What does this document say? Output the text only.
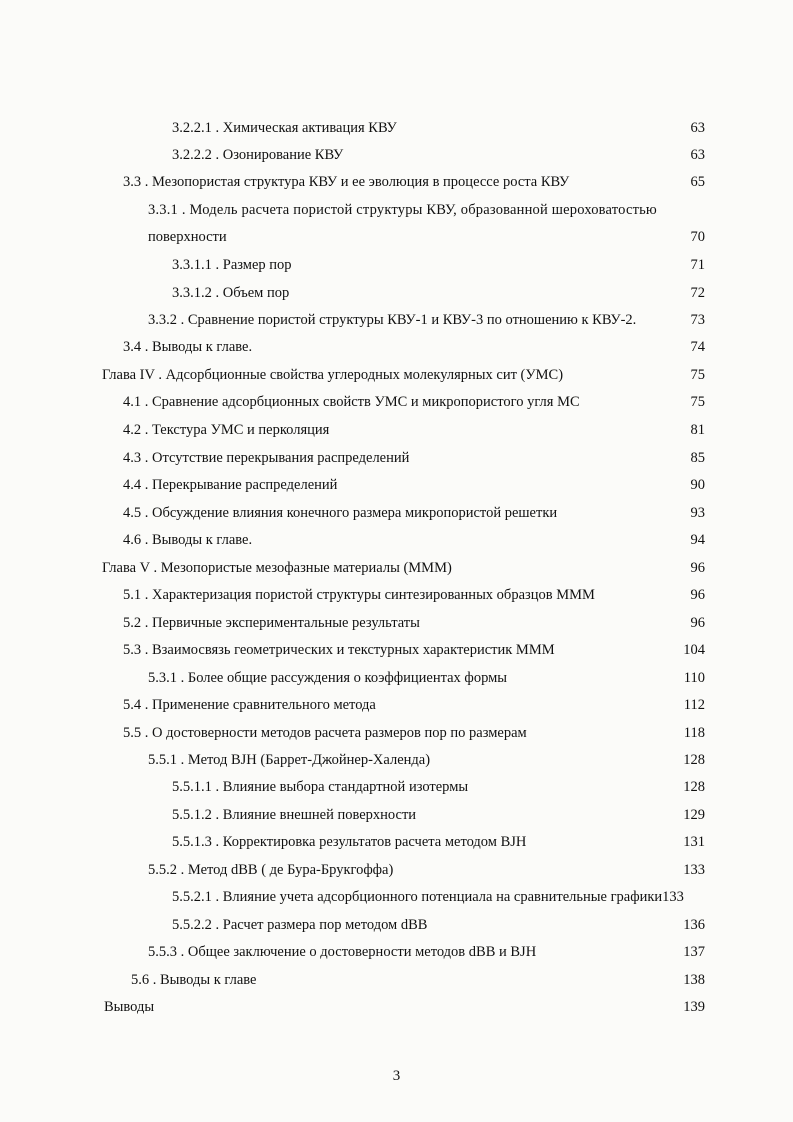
3.2.2.1 . Химическая активация КВУ	63
3.2.2.2 . Озонирование КВУ	63
3.3 . Мезопористая структура КВУ и ее эволюция в процессе роста КВУ	65
3.3.1 . Модель расчета пористой структуры КВУ, образованной шероховатостью
поверхности	70
3.3.1.1 . Размер пор	71
3.3.1.2 . Объем пор	72
3.3.2 . Сравнение пористой структуры КВУ-1 и КВУ-3 по отношению к КВУ-2.	73
3.4 . Выводы к главе.	74
Глава IV . Адсорбционные свойства углеродных молекулярных сит (УМС)	75
4.1 . Сравнение адсорбционных свойств УМС и микропористого угля МС	75
4.2 . Текстура УМС и перколяция	81
4.3 . Отсутствие перекрывания распределений	85
4.4 . Перекрывание распределений	90
4.5 . Обсуждение влияния конечного размера микропористой решетки	93
4.6 . Выводы к главе.	94
Глава V . Мезопористые мезофазные материалы (МММ)	96
5.1 . Характеризация пористой структуры синтезированных образцов МММ	96
5.2 . Первичные экспериментальные результаты	96
5.3 . Взаимосвязь геометрических и текстурных характеристик МММ	104
5.3.1 . Более общие рассуждения о коэффициентах формы	110
5.4 . Применение сравнительного метода	112
5.5 . О достоверности методов расчета размеров пор по размерам	118
5.5.1 . Метод BJH (Баррет-Джойнер-Халенда)	128
5.5.1.1 . Влияние выбора стандартной изотермы	128
5.5.1.2 . Влияние внешней поверхности	129
5.5.1.3 . Корректировка результатов расчета методом BJH	131
5.5.2 . Метод dBB ( де Бура-Брукгоффа)	133
5.5.2.1 . Влияние учета адсорбционного потенциала на сравнительные графики 133
5.5.2.2 . Расчет размера пор методом dBB	136
5.5.3 . Общее заключение о достоверности методов dBB и BJH	137
5.6 . Выводы к главе	138
Выводы	139
3
